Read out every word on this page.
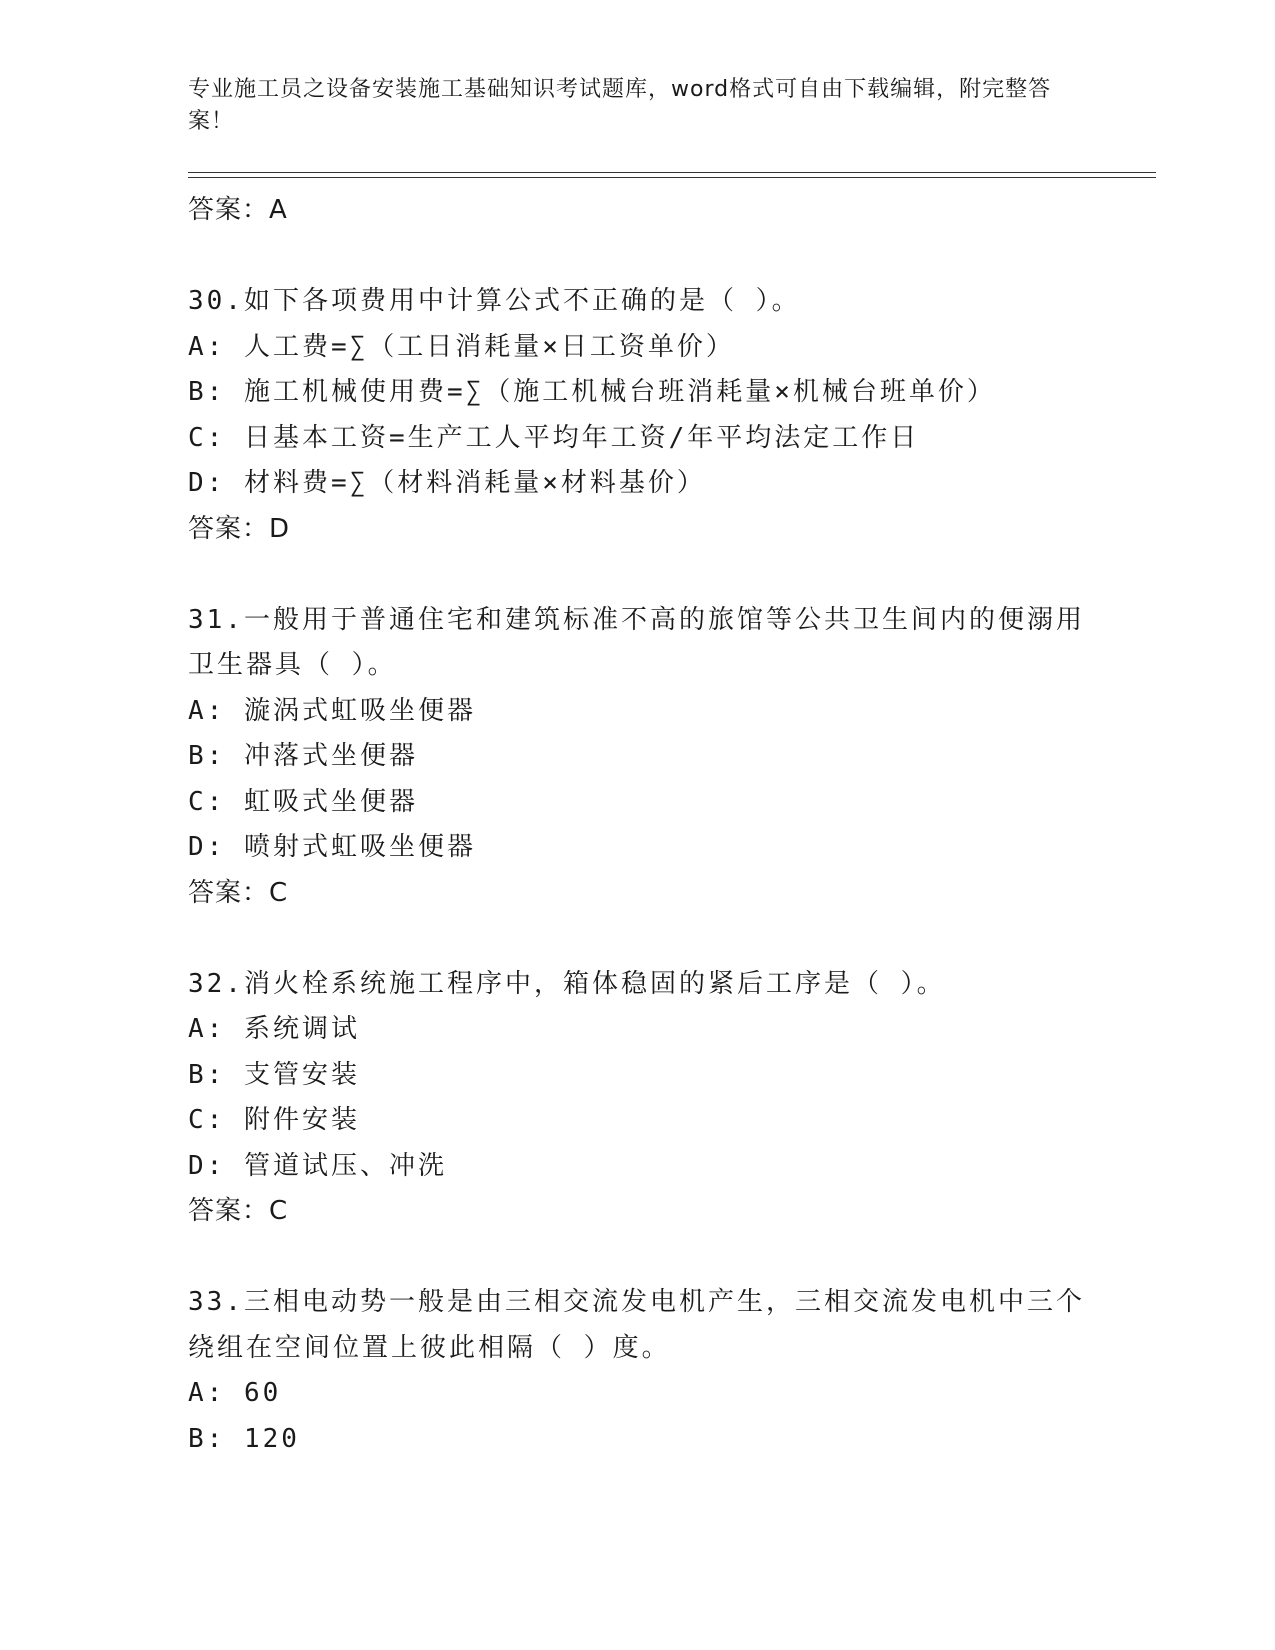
专业施工员之设备安装施工基础知识考试题库，word格式可自由下载编辑，附完整答案！
答案：A
30.如下各项费用中计算公式不正确的是（ ）。
A: 人工费=∑（工日消耗量×日工资单价）
B: 施工机械使用费=∑（施工机械台班消耗量×机械台班单价）
C: 日基本工资=生产工人平均年工资/年平均法定工作日
D: 材料费=∑（材料消耗量×材料基价）
答案：D
31.一般用于普通住宅和建筑标准不高的旅馆等公共卫生间内的便溺用卫生器具（ ）。
A: 漩涡式虹吸坐便器
B: 冲落式坐便器
C: 虹吸式坐便器
D: 喷射式虹吸坐便器
答案：C
32.消火栓系统施工程序中，箱体稳固的紧后工序是（ ）。
A: 系统调试
B: 支管安装
C: 附件安装
D: 管道试压、冲洗
答案：C
33.三相电动势一般是由三相交流发电机产生，三相交流发电机中三个绕组在空间位置上彼此相隔（ ）度。
A: 60
B: 120
